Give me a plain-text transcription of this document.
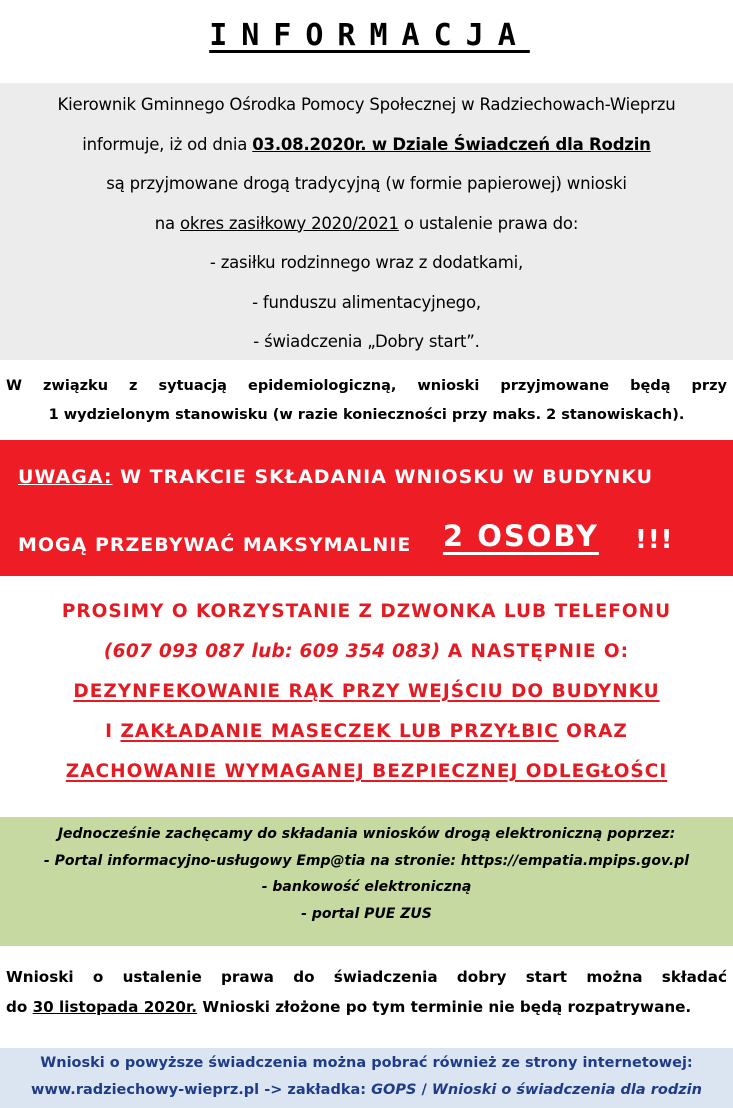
INFORMACJA
Kierownik Gminnego Ośrodka Pomocy Społecznej w Radziechowach-Wieprzu
informuje, iż od dnia 03.08.2020r. w Dziale Świadczeń dla Rodzin
są przyjmowane drogą tradycyjną (w formie papierowej) wnioski
na okres zasiłkowy 2020/2021 o ustalenie prawa do:
- zasiłku rodzinnego wraz z dodatkami,
- funduszu alimentacyjnego,
- świadczenia „Dobry start”.
W związku z sytuacją epidemiologiczną, wnioski przyjmowane będą przy
1 wydzielonym stanowisku (w razie konieczności przy maks. 2 stanowiskach).
UWAGA: W TRAKCIE SKŁADANIA WNIOSKU W BUDYNKU
MOGĄ PRZEBYWAĆ MAKSYMALNIE 2 OSOBY !!!
PROSIMY O KORZYSTANIE Z DZWONKA LUB TELEFONU
(607 093 087 lub: 609 354 083) A NASTĘPNIE O:
DEZYNFEKOWANIE RĄK PRZY WEJŚCIU DO BUDYNKU
I ZAKŁADANIE MASECZEK LUB PRZYŁBIC ORAZ
ZACHOWANIE WYMAGANEJ BEZPIECZNEJ ODLEGŁOŚCI
Jednocześnie zachęcamy do składania wniosków drogą elektroniczną poprzez:
- Portal informacyjno-usługowy Emp@tia na stronie: https://empatia.mpips.gov.pl
- bankowość elektroniczną
- portal PUE ZUS
Wnioski o ustalenie prawa do świadczenia dobry start można składać
do 30 listopada 2020r. Wnioski złożone po tym terminie nie będą rozpatrywane.
Wnioski o powyższe świadczenia można pobrać również ze strony internetowej:
www.radziechowy-wieprz.pl -> zakładka: GOPS / Wnioski o świadczenia dla rodzin
